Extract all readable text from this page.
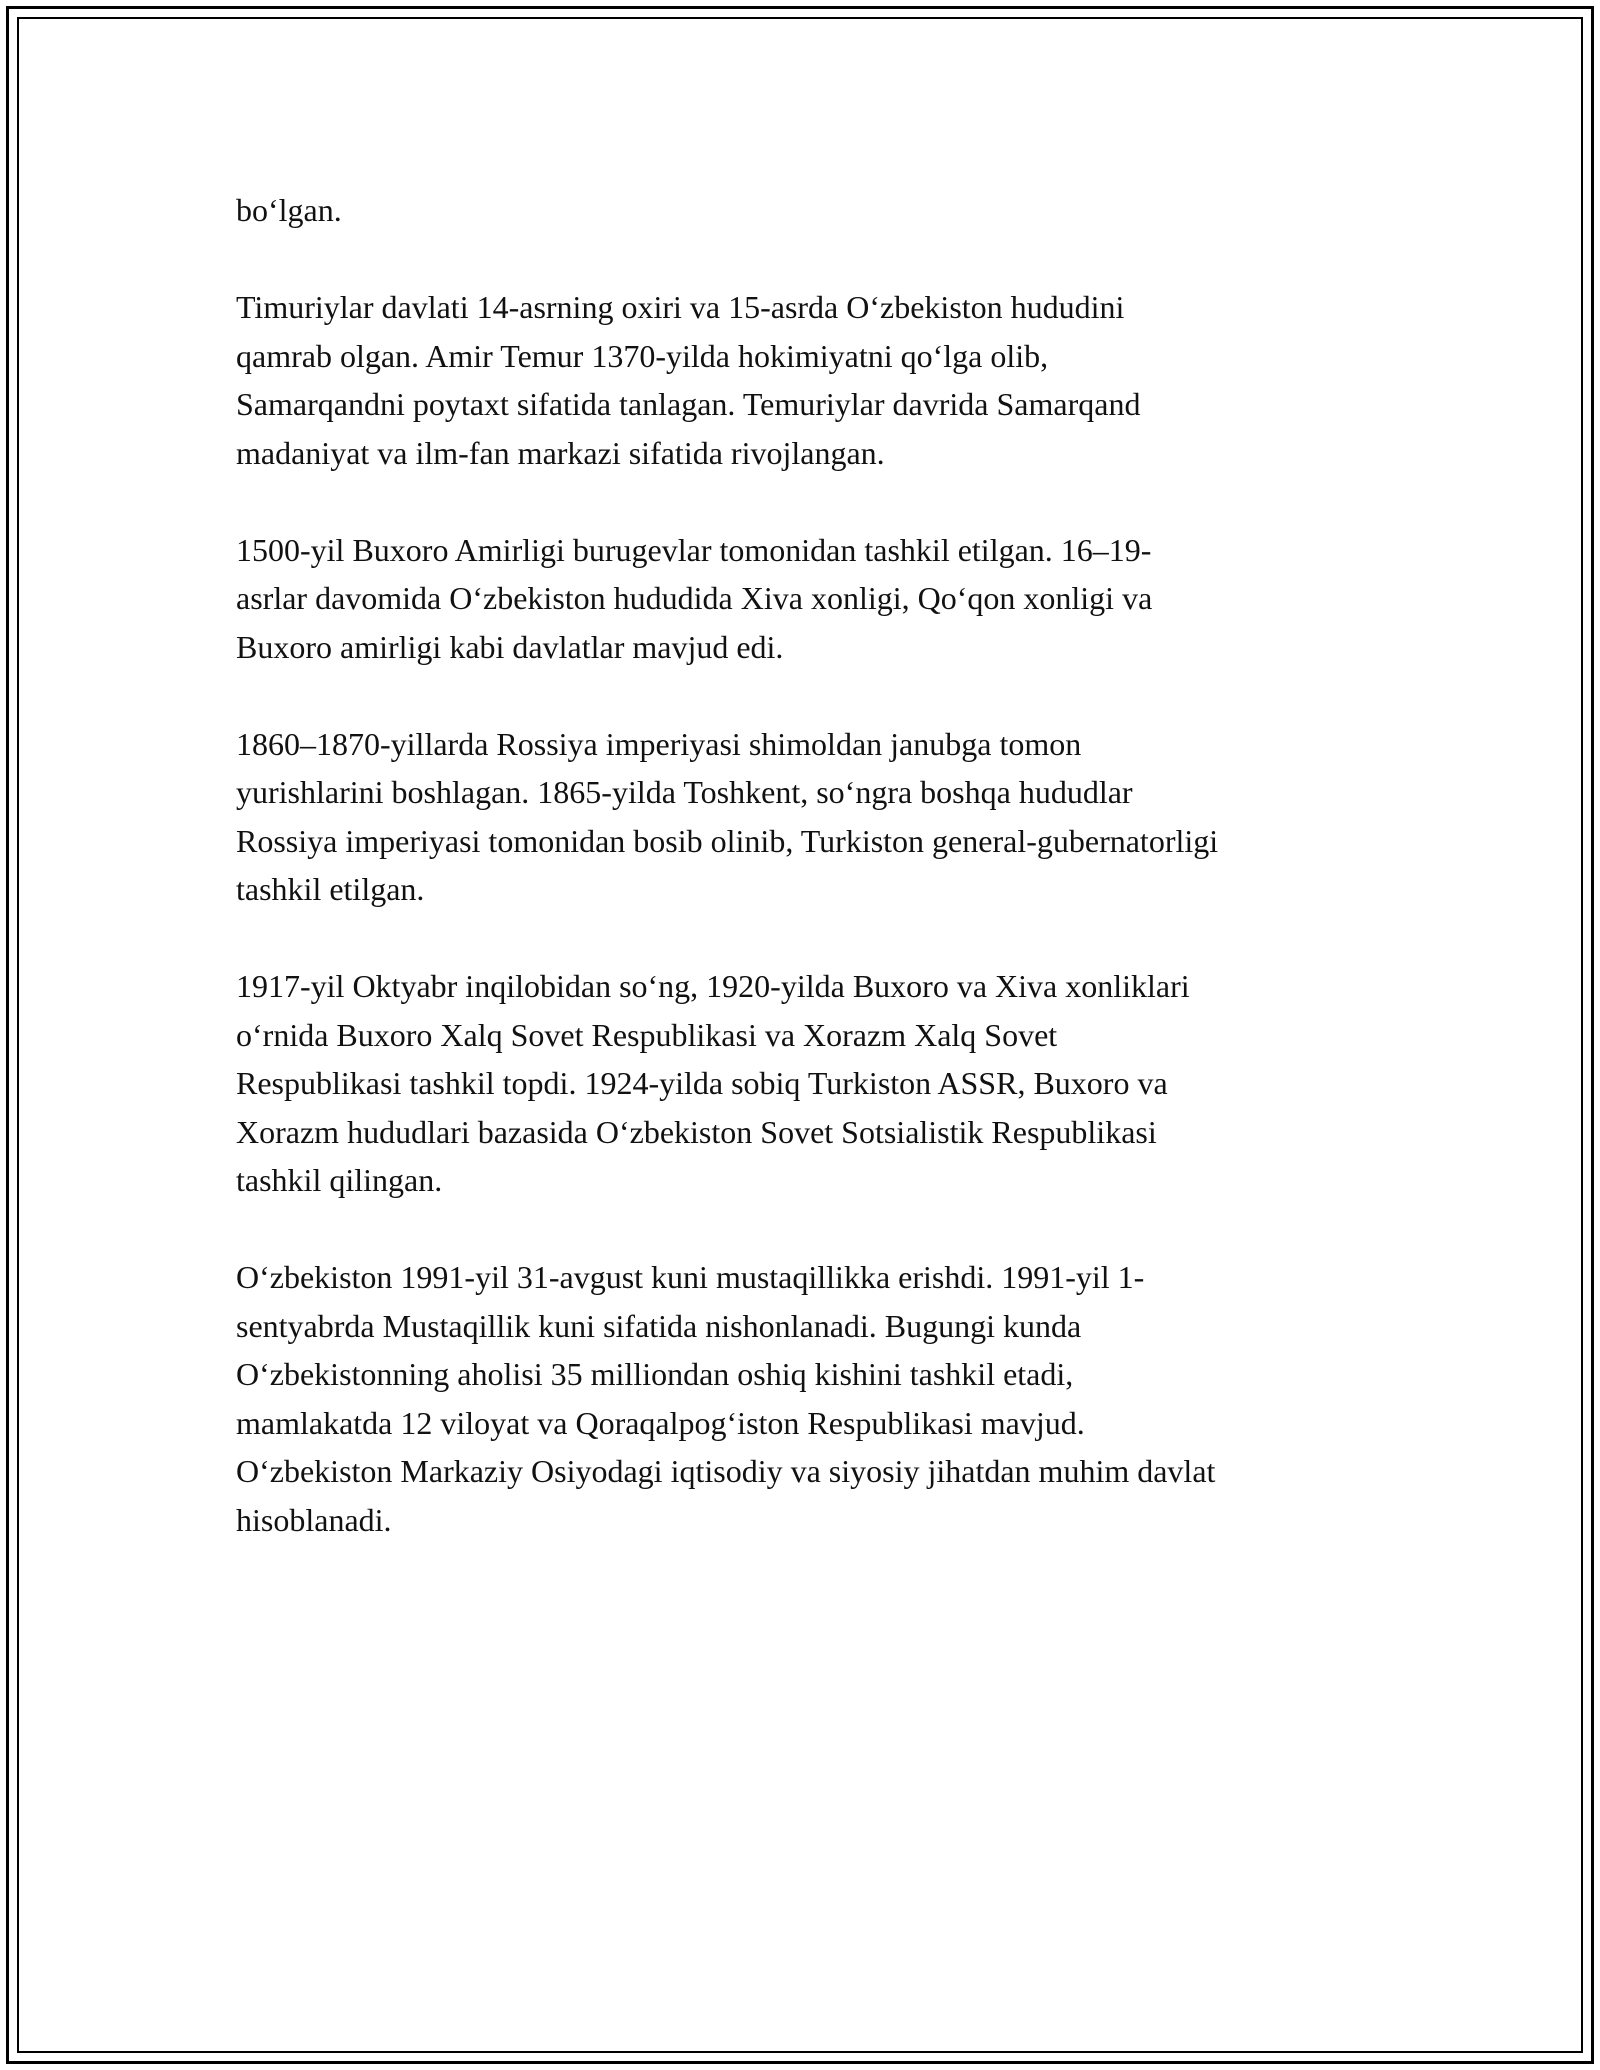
bo‘lgan.

Timuriylar davlati 14-asrning oxiri va 15-asrda O‘zbekiston hududini
qamrab olgan. Amir Temur 1370-yilda hokimiyatni qo‘lga olib,
Samarqandni poytaxt sifatida tanlagan. Temuriylar davrida Samarqand
madaniyat va ilm-fan markazi sifatida rivojlangan.

1500-yil Buxoro Amirligi burugevlar tomonidan tashkil etilgan. 16–19-
asrlar davomida O‘zbekiston hududida Xiva xonligi, Qo‘qon xonligi va
Buxoro amirligi kabi davlatlar mavjud edi.

1860–1870-yillarda Rossiya imperiyasi shimoldan janubga tomon
yurishlarini boshlagan. 1865-yilda Toshkent, so‘ngra boshqa hududlar
Rossiya imperiyasi tomonidan bosib olinib, Turkiston general-gubernatorligi
tashkil etilgan.

1917-yil Oktyabr inqilobidan so‘ng, 1920-yilda Buxoro va Xiva xonliklari
o‘rnida Buxoro Xalq Sovet Respublikasi va Xorazm Xalq Sovet
Respublikasi tashkil topdi. 1924-yilda sobiq Turkiston ASSR, Buxoro va
Xorazm hududlari bazasida O‘zbekiston Sovet Sotsialistik Respublikasi
tashkil qilingan.

O‘zbekiston 1991-yil 31-avgust kuni mustaqillikka erishdi. 1991-yil 1-
sentyabrda Mustaqillik kuni sifatida nishonlanadi. Bugungi kunda
O‘zbekistonning aholisi 35 milliondan oshiq kishini tashkil etadi,
mamlakatda 12 viloyat va Qoraqalpog‘iston Respublikasi mavjud.
O‘zbekiston Markaziy Osiyodagi iqtisodiy va siyosiy jihatdan muhim davlat
hisoblanadi.
